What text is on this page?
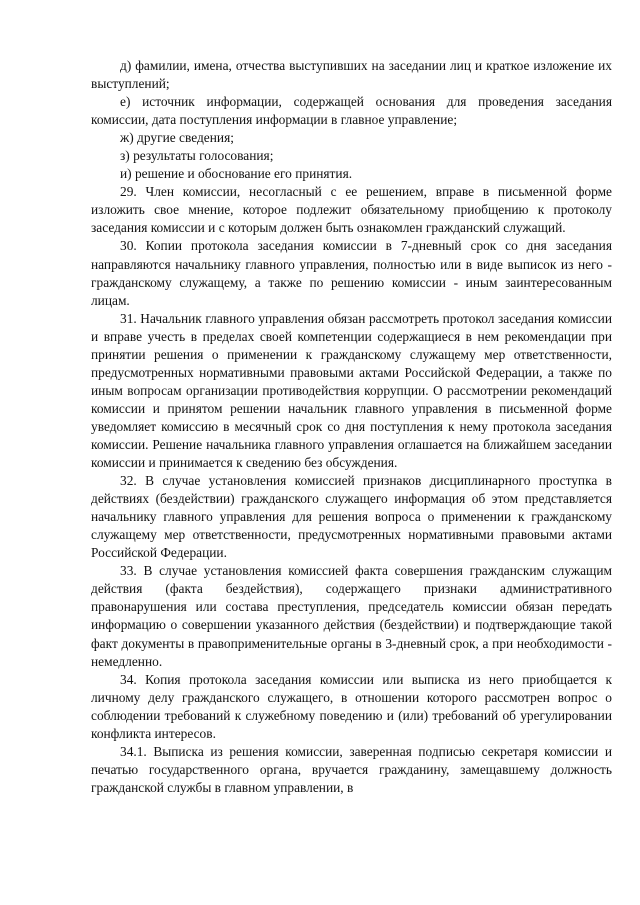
д) фамилии, имена, отчества выступивших на заседании лиц и краткое изложение их выступлений;

е) источник информации, содержащей основания для проведения заседания комиссии, дата поступления информации в главное управление;

ж) другие сведения;

з) результаты голосования;

и) решение и обоснование его принятия.

29. Член комиссии, несогласный с ее решением, вправе в письменной форме изложить свое мнение, которое подлежит обязательному приобщению к протоколу заседания комиссии и с которым должен быть ознакомлен гражданский служащий.

30. Копии протокола заседания комиссии в 7-дневный срок со дня заседания направляются начальнику главного управления, полностью или в виде выписок из него - гражданскому служащему, а также по решению комиссии - иным заинтересованным лицам.

31. Начальник главного управления обязан рассмотреть протокол заседания комиссии и вправе учесть в пределах своей компетенции содержащиеся в нем рекомендации при принятии решения о применении к гражданскому служащему мер ответственности, предусмотренных нормативными правовыми актами Российской Федерации, а также по иным вопросам организации противодействия коррупции. О рассмотрении рекомендаций комиссии и принятом решении начальник главного управления в письменной форме уведомляет комиссию в месячный срок со дня поступления к нему протокола заседания комиссии. Решение начальника главного управления оглашается на ближайшем заседании комиссии и принимается к сведению без обсуждения.

32. В случае установления комиссией признаков дисциплинарного проступка в действиях (бездействии) гражданского служащего информация об этом представляется начальнику главного управления для решения вопроса о применении к гражданскому служащему мер ответственности, предусмотренных нормативными правовыми актами Российской Федерации.

33. В случае установления комиссией факта совершения гражданским служащим действия (факта бездействия), содержащего признаки административного правонарушения или состава преступления, председатель комиссии обязан передать информацию о совершении указанного действия (бездействии) и подтверждающие такой факт документы в правоприменительные органы в 3-дневный срок, а при необходимости - немедленно.

34. Копия протокола заседания комиссии или выписка из него приобщается к личному делу гражданского служащего, в отношении которого рассмотрен вопрос о соблюдении требований к служебному поведению и (или) требований об урегулировании конфликта интересов.

34.1. Выписка из решения комиссии, заверенная подписью секретаря комиссии и печатью государственного органа, вручается гражданину, замещавшему должность гражданской службы в главном управлении, в
